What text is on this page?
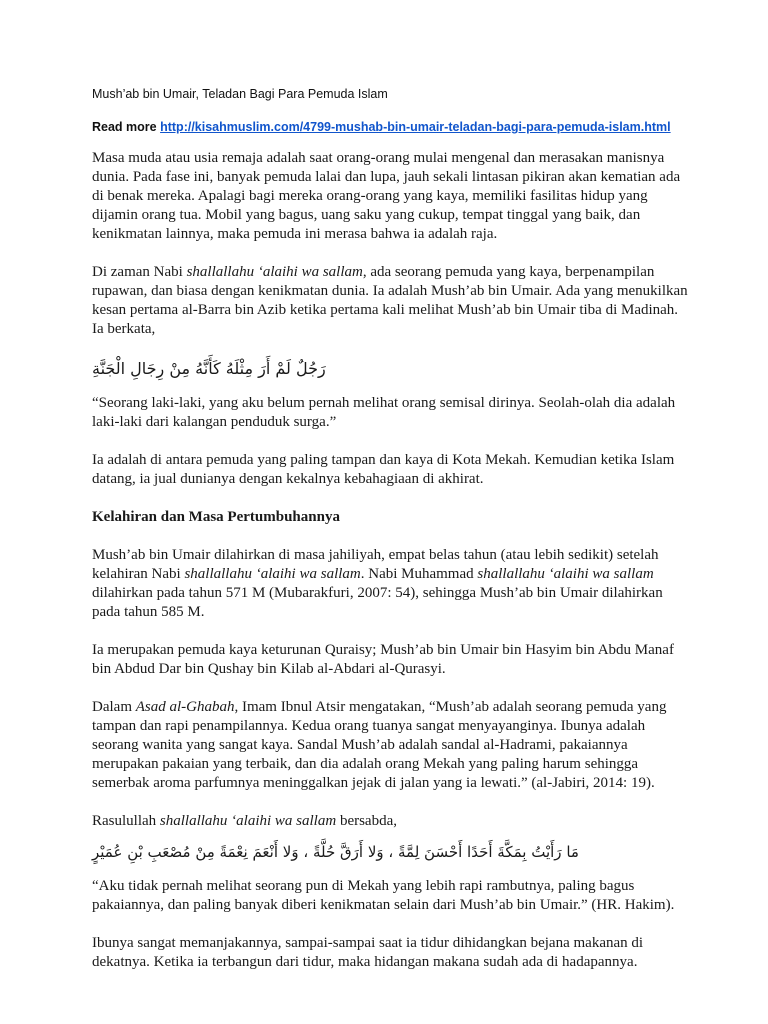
Mush’ab bin Umair, Teladan Bagi Para Pemuda Islam
Read more http://kisahmuslim.com/4799-mushab-bin-umair-teladan-bagi-para-pemuda-islam.html

Masa muda atau usia remaja adalah saat orang-orang mulai mengenal dan merasakan manisnya dunia. Pada fase ini, banyak pemuda lalai dan lupa, jauh sekali lintasan pikiran akan kematian ada di benak mereka. Apalagi bagi mereka orang-orang yang kaya, memiliki fasilitas hidup yang dijamin orang tua. Mobil yang bagus, uang saku yang cukup, tempat tinggal yang baik, dan kenikmatan lainnya, maka pemuda ini merasa bahwa ia adalah raja.

Di zaman Nabi shallallahu ‘alaihi wa sallam, ada seorang pemuda yang kaya, berpenampilan rupawan, dan biasa dengan kenikmatan dunia. Ia adalah Mush’ab bin Umair. Ada yang menukilkan kesan pertama al-Barra bin Azib ketika pertama kali melihat Mush’ab bin Umair tiba di Madinah. Ia berkata,

رَجُلٌ لَمْ أَرَ مِثْلَهُ كَأَنَّهُ مِنْ رِجَالِ الْجَنَّةِ

“Seorang laki-laki, yang aku belum pernah melihat orang semisal dirinya. Seolah-olah dia adalah laki-laki dari kalangan penduduk surga.”

Ia adalah di antara pemuda yang paling tampan dan kaya di Kota Mekah. Kemudian ketika Islam datang, ia jual dunianya dengan kekalnya kebahagiaan di akhirat.

Kelahiran dan Masa Pertumbuhannya

Mush’ab bin Umair dilahirkan di masa jahiliyah, empat belas tahun (atau lebih sedikit) setelah kelahiran Nabi shallallahu ‘alaihi wa sallam. Nabi Muhammad shallallahu ‘alaihi wa sallam dilahirkan pada tahun 571 M (Mubarakfuri, 2007: 54), sehingga Mush’ab bin Umair dilahirkan pada tahun 585 M.

Ia merupakan pemuda kaya keturunan Quraisy; Mush’ab bin Umair bin Hasyim bin Abdu Manaf bin Abdud Dar bin Qushay bin Kilab al-Abdari al-Qurasyi.

Dalam Asad al-Ghabah, Imam Ibnul Atsir mengatakan, “Mush’ab adalah seorang pemuda yang tampan dan rapi penampilannya. Kedua orang tuanya sangat menyayanginya. Ibunya adalah seorang wanita yang sangat kaya. Sandal Mush’ab adalah sandal al-Hadrami, pakaiannya merupakan pakaian yang terbaik, dan dia adalah orang Mekah yang paling harum sehingga semerbak aroma parfumnya meninggalkan jejak di jalan yang ia lewati.” (al-Jabiri, 2014: 19).

Rasulullah shallallahu ‘alaihi wa sallam bersabda,

مَا رَأَيْتُ بِمَكَّةَ أَحَدًا أَحْسَنَ لِمَّةً ، وَلا أَرَقَّ حُلَّةً ، وَلا أَنْعَمَ نِعْمَةً مِنْ مُصْعَبِ بْنِ عُمَيْرٍ

“Aku tidak pernah melihat seorang pun di Mekah yang lebih rapi rambutnya, paling bagus pakaiannya, dan paling banyak diberi kenikmatan selain dari Mush’ab bin Umair.” (HR. Hakim).

Ibunya sangat memanjakannya, sampai-sampai saat ia tidur dihidangkan bejana makanan di dekatnya. Ketika ia terbangun dari tidur, maka hidangan makana sudah ada di hadapannya.
